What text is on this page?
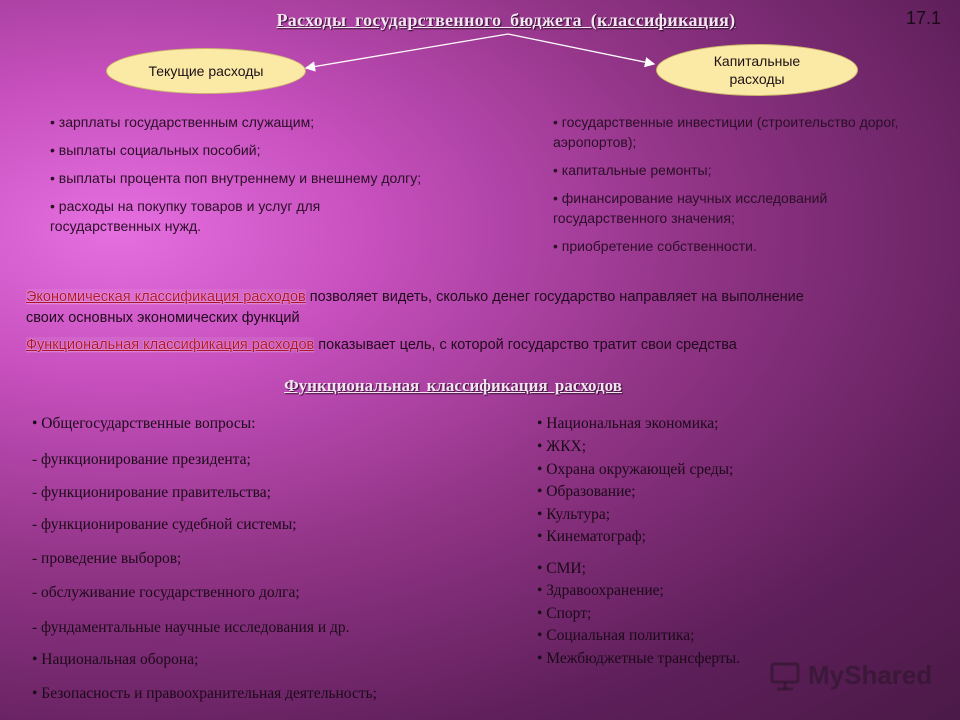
Расходы государственного бюджета (классификация)	17.1
Текущие расходы
Капитальные расходы
• зарплаты государственным служащим;
• выплаты социальных пособий;
• выплаты процента поп внутреннему и внешнему долгу;
• расходы на покупку товаров и услуг для государственных нужд.
• государственные инвестиции (строительство дорог, аэропортов);
• капитальные ремонты;
• финансирование научных исследований государственного значения;
• приобретение собственности.
Экономическая классификация расходов позволяет видеть, сколько денег государство направляет на выполнение своих основных экономических функций
Функциональная классификация расходов показывает цель, с которой государство тратит свои средства
Функциональная классификация расходов
• Общегосударственные вопросы:
- функционирование президента;
- функционирование правительства;
- функционирование судебной системы;
- проведение выборов;
- обслуживание государственного долга;
- фундаментальные научные исследования и др.
• Национальная оборона;
• Безопасность и правоохранительная деятельность;
• Национальная экономика;
• ЖКХ;
• Охрана окружающей среды;
• Образование;
• Культура;
• Кинематограф;
• СМИ;
• Здравоохранение;
• Спорт;
• Социальная политика;
• Межбюджетные трансферты.
MyShared
